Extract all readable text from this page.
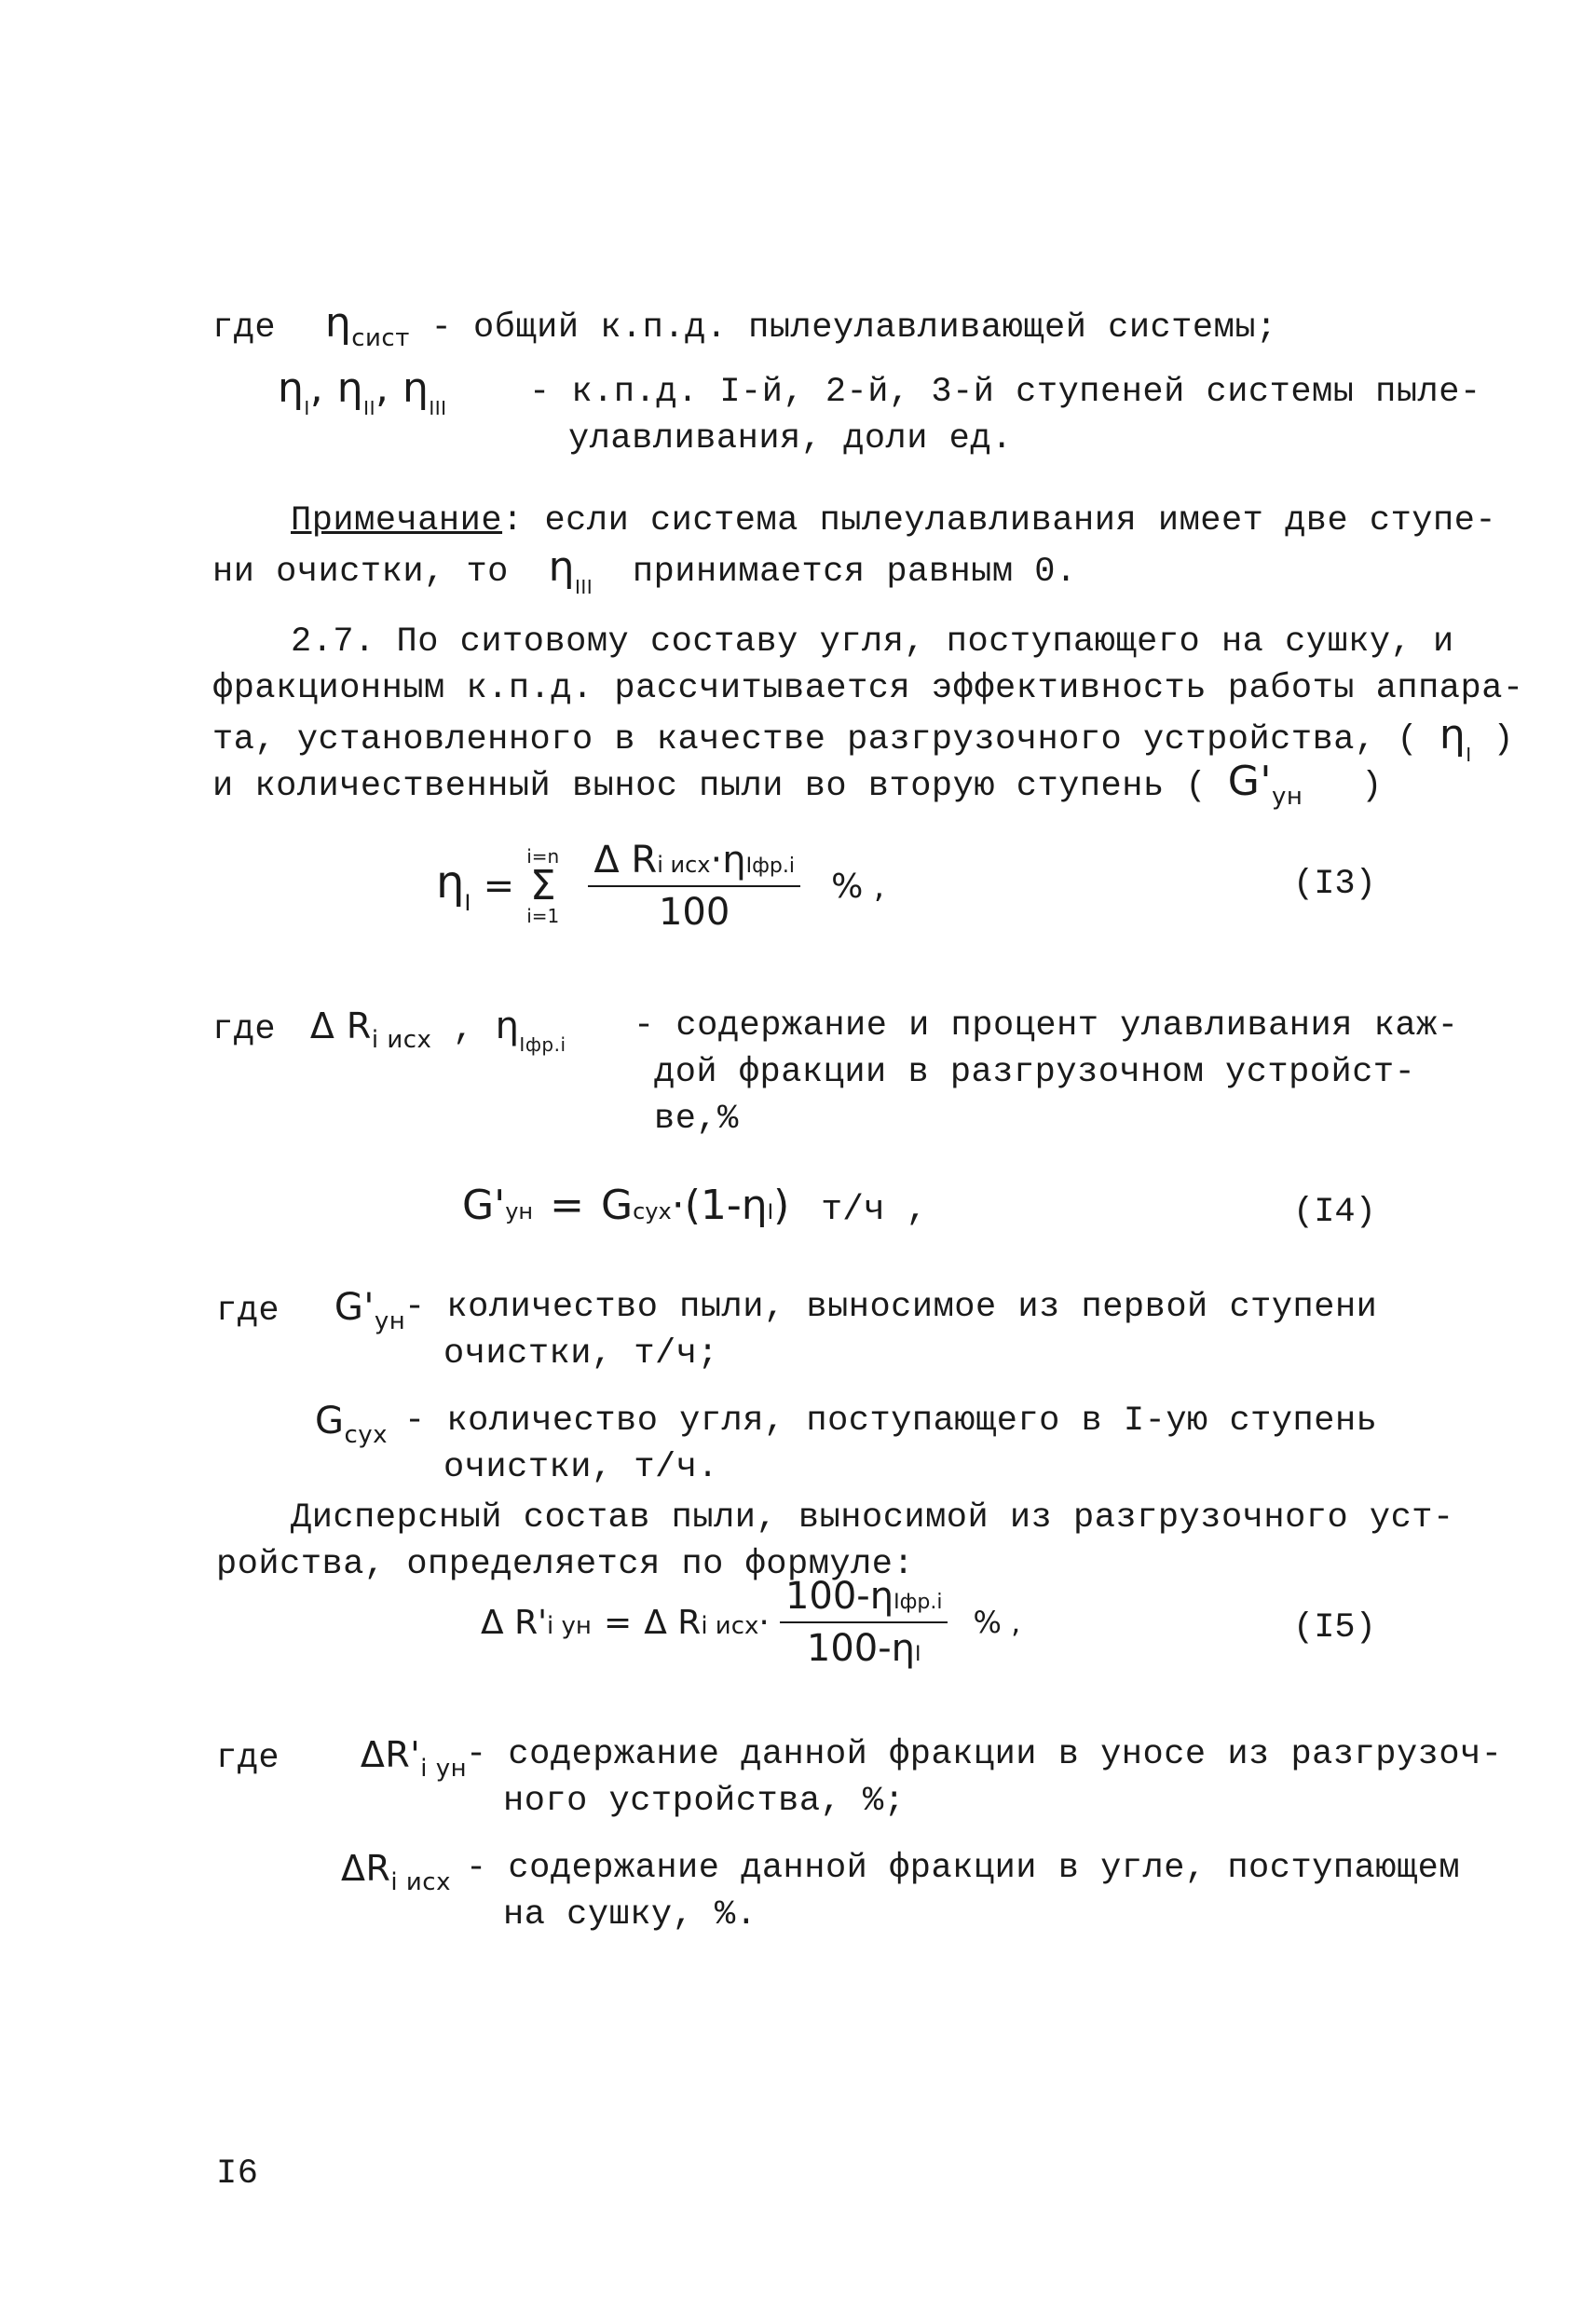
где $\eta_{сист}$ - общий к.п.д. пылеулавливающей системы;
$\eta_I$, $\eta_{II}$, $\eta_{III} - к.п.д$. I-й, 2-й, 3-й ступеней системы пыле-
улавливания, доли ед.
Примечание: если система пылеулавливания имеет две ступе-
ни очистки, то $\eta_{III}$ принимается равным 0.
2.7. По ситовому составу угля, поступающего на сушку, и
фракционным к.п.д. рассчитывается эффективность работы аппара-
та, установленного в качестве разгрузочного устройства, ( $\eta_I$ )
и количественный вынос пыли во вторую ступень ( $G'_{ун}$ )
$\eta_I$ =
i=n
Σ
i=1
$\frac{\text{Δ Ri исх·ηIфр.i}}{100}$ % ,	(I3)
где Δ $R_{i исх}$ , $\eta_{Iфр.i}$ - содержание и процент улавливания каж-
дой фракции в разгрузочном устройст-
ве,%
G'ун = Gсух·(1-ηI) т/ч ,	(I4)
где $G'_{ун}$
- количество пыли, выносимое из первой ступени
очистки, т/ч;
$G_{сух}$ - количество угля, поступающего в I-ую ступень
очистки, т/ч.
Дисперсный состав пыли, выносимой из разгрузочного уст-
ройства, определяется по формуле:
Δ R'i ун = Δ Ri $исх\cdot \frac{\text{100-ηIфр.i}}{100-\eta I}$ % ,	(I5)
где $\Delta R'_{i ун}$
- содержание данной фракции в уносе из разгрузоч-
ного устройства, %;
$\Delta R_{i исх}$ - содержание данной фракции в угле, поступающем
на сушку, %.
I6
